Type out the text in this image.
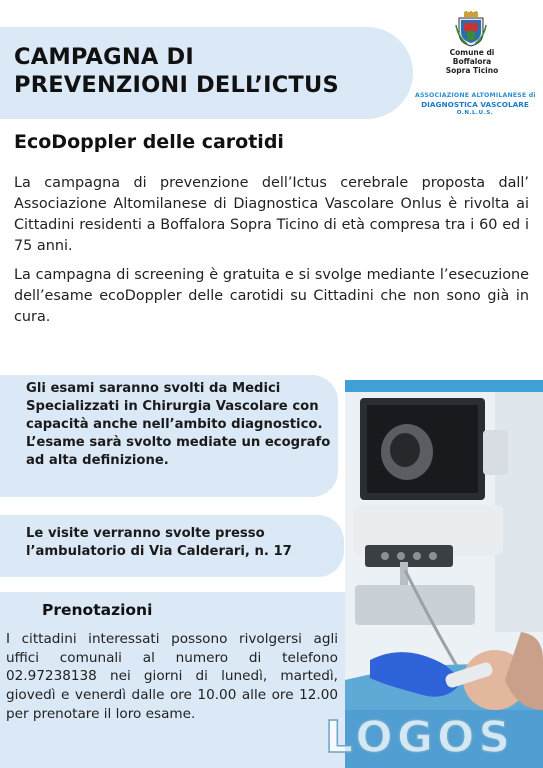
CAMPAGNA DI
PREVENZIONI DELL’ICTUS
Comune di
Boffalora
Sopra Ticino
ASSOCIAZIONE ALTOMILANESE di
DIAGNOSTICA VASCOLARE
O.N.L.U.S.
EcoDoppler delle carotidi

La campagna di prevenzione dell’Ictus cerebrale proposta dall’ Associazione Altomilanese di Diagnostica Vascolare Onlus è rivolta ai Cittadini residenti a Boffalora Sopra Ticino di età compresa tra i 60 ed i 75 anni.

La campagna di screening è gratuita e si svolge mediante l’esecuzione dell’esame ecoDoppler delle carotidi su Cittadini che non sono già in cura.

Gli esami saranno svolti da Medici Specializzati in Chirurgia Vascolare con capacità anche nell’ambito diagnostico. L’esame sarà svolto mediate un ecografo ad alta definizione.

Le visite verranno svolte presso l’ambulatorio di Via Calderari, n. 17

Prenotazioni

I cittadini interessati possono rivolgersi agli uffici comunali al numero di telefono 02.97238138 nei giorni di lunedì, martedì, giovedì e venerdì dalle ore 10.00 alle ore 12.00 per prenotare il loro esame.	LOGOS
